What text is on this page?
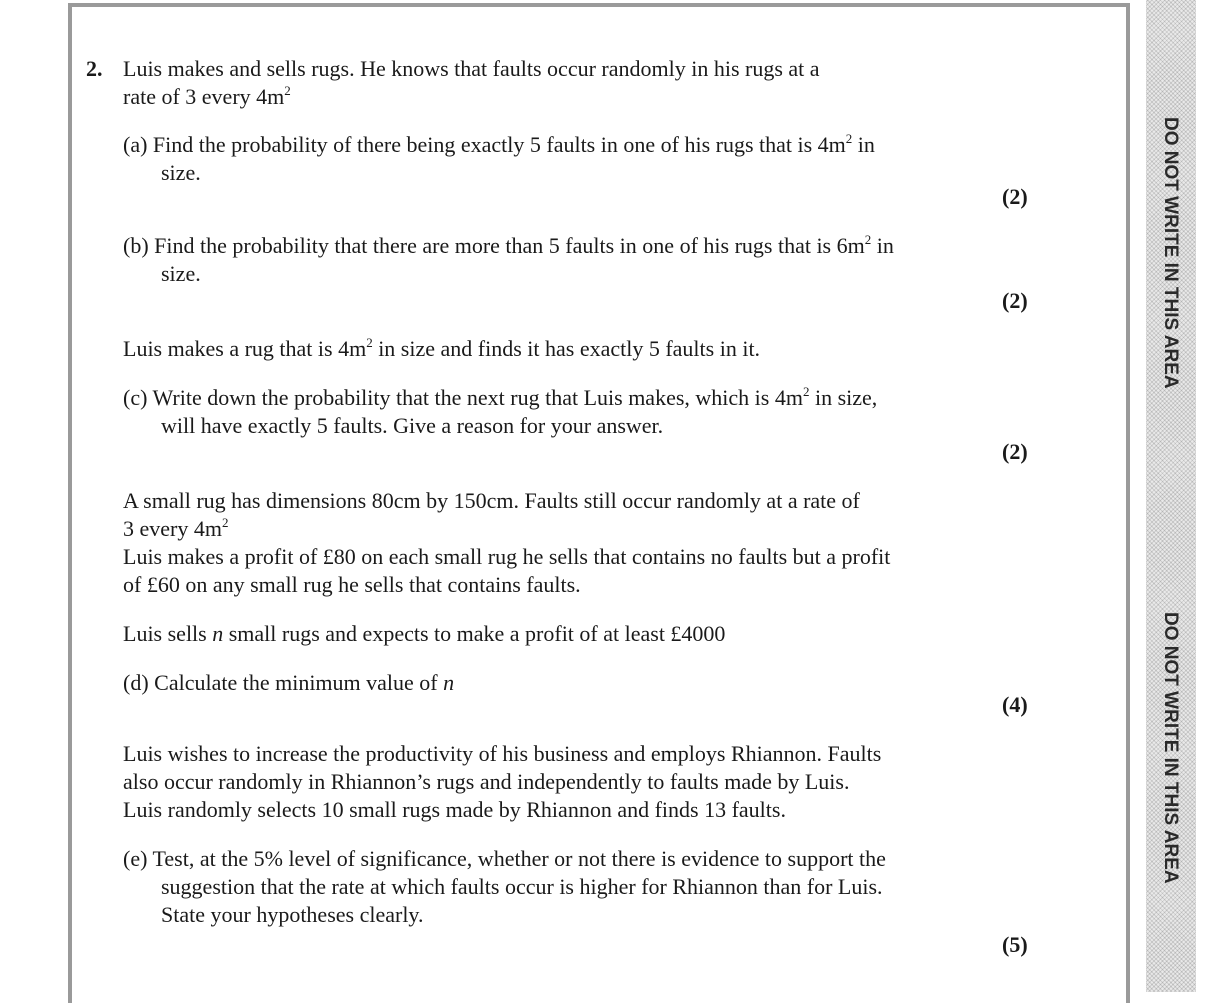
DO NOT WRITE IN THIS AREA
DO NOT WRITE IN THIS AREA
2. Luis makes and sells rugs. He knows that faults occur randomly in his rugs at a
rate of 3 every $4m^2$
(a) Find the probability of there being exactly 5 faults in one of his rugs that is $4m^2$ in
size.
(2)
(b) Find the probability that there are more than 5 faults in one of his rugs that is $6m^2$ in
size.
(2)
Luis makes a rug that is $4m^2$ in size and finds it has exactly 5 faults in it.
(c) Write down the probability that the next rug that Luis makes, which is $4m^2$ in size,
will have exactly 5 faults. Give a reason for your answer.
(2)
A small rug has dimensions 80cm by 150cm. Faults still occur randomly at a rate of
3 every $4m^2$
Luis makes a profit of £80 on each small rug he sells that contains no faults but a profit
of £60 on any small rug he sells that contains faults.
Luis sells n small rugs and expects to make a profit of at least £4000
(d) Calculate the minimum value of n
(4)
Luis wishes to increase the productivity of his business and employs Rhiannon. Faults
also occur randomly in Rhiannon’s rugs and independently to faults made by Luis.
Luis randomly selects 10 small rugs made by Rhiannon and finds 13 faults.
(e) Test, at the 5% level of significance, whether or not there is evidence to support the
suggestion that the rate at which faults occur is higher for Rhiannon than for Luis.
State your hypotheses clearly.
(5)
